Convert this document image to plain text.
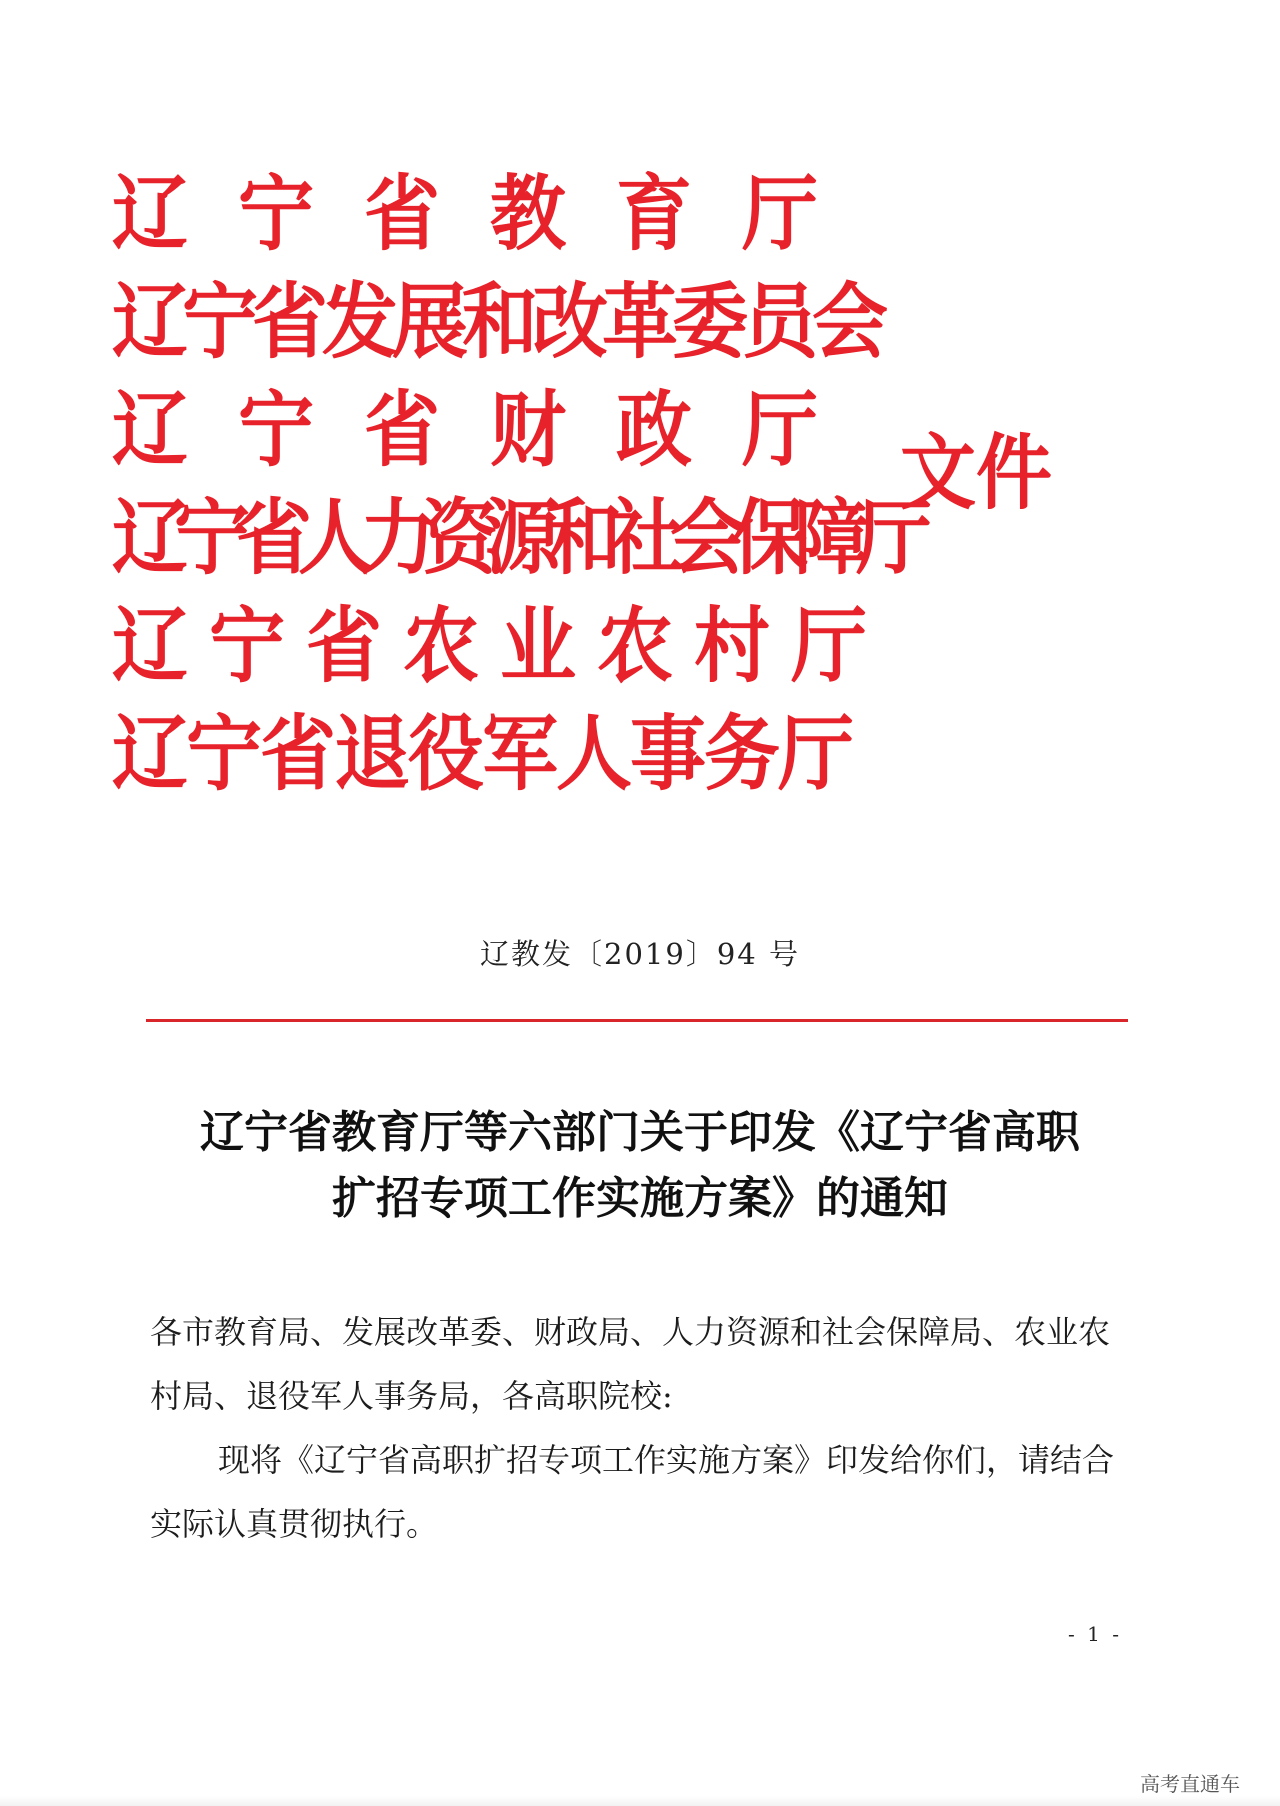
辽宁省教育厅
辽宁省发展和改革委员会
辽宁省财政厅
辽宁省人力资源和社会保障厅
辽宁省农业农村厅
辽宁省退役军人事务厅
文件
辽教发〔2019〕94 号
辽宁省教育厅等六部门关于印发《辽宁省高职
扩招专项工作实施方案》的通知

各市教育局、发展改革委、财政局、人力资源和社会保障局、农业农村局、退役军人事务局，各高职院校:

现将《辽宁省高职扩招专项工作实施方案》印发给你们，请结合实际认真贯彻执行。

- 1 -
高考直通车
